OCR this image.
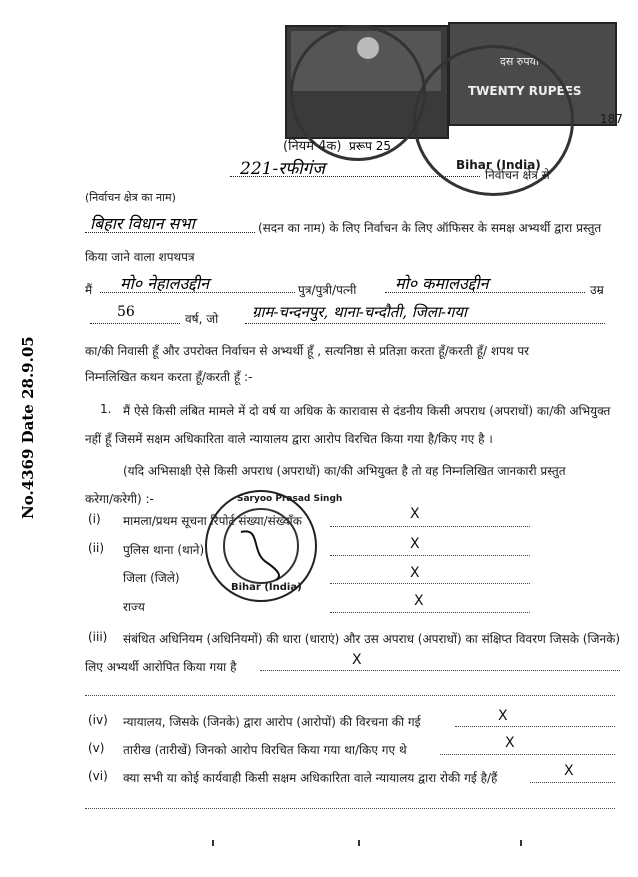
प्ररूप 25
दस रुपया
TWENTY RUPEES
Bihar (India)
187
(नियम 4क)
221-रफीगंज	निर्वाचन क्षेत्र से
(निर्वाचन क्षेत्र का नाम)
बिहार विधान सभा	(सदन का नाम) के लिए निर्वाचन के लिए ऑफिसर के समक्ष अभ्यर्थी द्वारा प्रस्तुत
किया जाने वाला शपथपत्र
मैं मो० नेहालउद्दीन	पुत्र/पुत्री/पत्नी मो० कमालउद्दीन	उम्र
56	वर्ष, जो ग्राम-चन्दनपुर, थाना-चन्दौती, जिला-गया
का/की निवासी हूँ और उपरोक्त निर्वाचन से अभ्यर्थी हूँ , सत्यनिष्ठा से प्रतिज्ञा करता हूँ/करती हूँ/ शपथ पर
निम्नलिखित कथन करता हूँ/करती हूँ :-
1. मैं ऐसे किसी लंबित मामले में दो वर्ष या अधिक के कारावास से दंडनीय किसी अपराध (अपराधों) का/की अभियुक्त
नहीं हूँ जिसमें सक्षम अधिकारिता वाले न्यायालय द्वारा आरोप विरचित किया गया है/किए गए है ।
(यदि अभिसाक्षी ऐसे किसी अपराध (अपराधों) का/की अभियुक्त है तो वह निम्नलिखित जानकारी प्रस्तुत
करेगा/करेगी) :-
(i) मामला/प्रथम सूचना रिपोर्ट संख्या/संख्याँक	X
(ii) पुलिस थाना (थाने)	X
जिला (जिले)	X
राज्य	X
Saryoo Prasad Singh
Bihar (India)
(iii) संबंधित अधिनियम (अधिनियमों) की धारा (धाराएं) और उस अपराध (अपराधों) का संक्षिप्त विवरण जिसके (जिनके)
लिए अभ्यर्थी आरोपित किया गया है	X
(iv) न्यायालय, जिसके (जिनके) द्वारा आरोप (आरोपों) की विरचना की गई	X
(v) तारीख (तारीखें) जिनको आरोप विरचित किया गया था/किए गए थे	X
(vi) क्या सभी या कोई कार्यवाही किसी सक्षम अधिकारिता वाले न्यायालय द्वारा रोकी गई है/हैं	X
No.4369 Date 28.9.05
